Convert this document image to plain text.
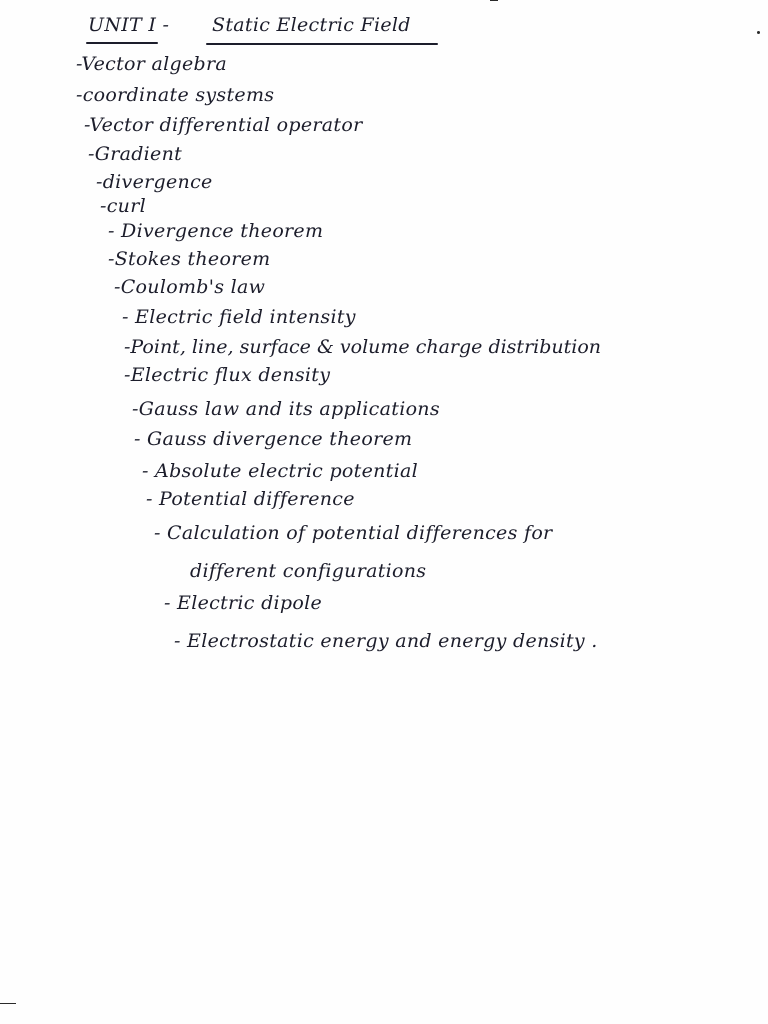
UNIT I - Static Electric Field
-Vector algebra
-coordinate systems
-Vector differential operator
-Gradient
-divergence
-curl
- Divergence theorem
-Stokes theorem
-Coulomb's law
- Electric field intensity
-Point, line, surface & volume charge distribution
-Electric flux density
-Gauss law and its applications
- Gauss divergence theorem
- Absolute electric potential
- Potential difference
- Calculation of potential differences for
different configurations
- Electric dipole
- Electrostatic energy and energy density .
